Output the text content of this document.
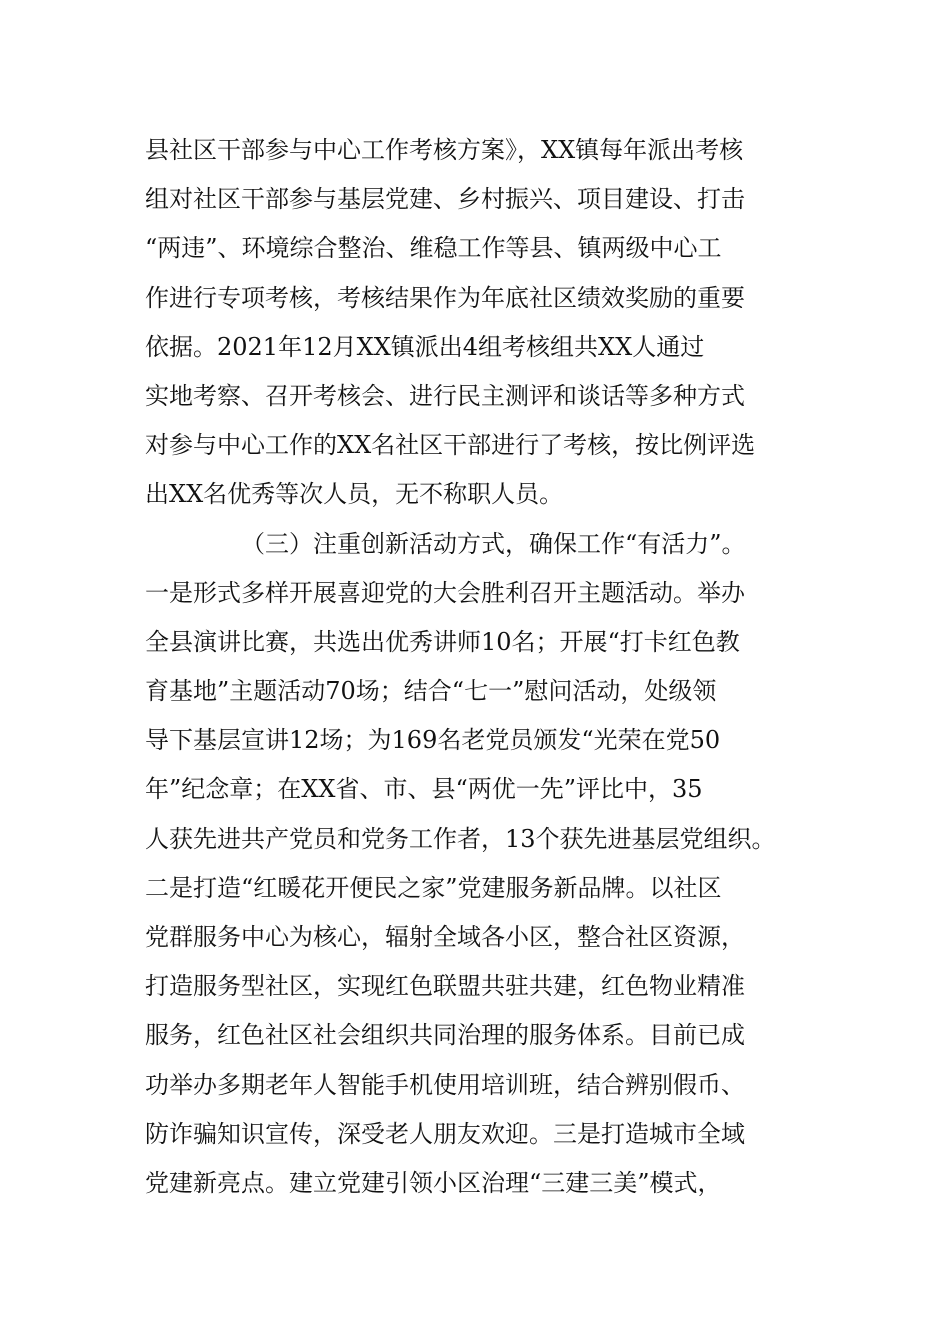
县社区干部参与中心工作考核方案》，XX镇每年派出考核
组对社区干部参与基层党建、乡村振兴、项目建设、打击
“两违”、环境综合整治、维稳工作等县、镇两级中心工
作进行专项考核，考核结果作为年底社区绩效奖励的重要
依据。2021年12月XX镇派出4组考核组共XX人通过
实地考察、召开考核会、进行民主测评和谈话等多种方式
对参与中心工作的XX名社区干部进行了考核，按比例评选
出XX名优秀等次人员，无不称职人员。
（三）注重创新活动方式，确保工作“有活力”。
一是形式多样开展喜迎党的大会胜利召开主题活动。举办
全县演讲比赛，共选出优秀讲师10名；开展“打卡红色教
育基地”主题活动70场；结合“七一”慰问活动，处级领
导下基层宣讲12场；为169名老党员颁发“光荣在党50
年”纪念章；在XX省、市、县“两优一先”评比中，35
人获先进共产党员和党务工作者，13个获先进基层党组织。
二是打造“红暖花开便民之家”党建服务新品牌。以社区
党群服务中心为核心，辐射全域各小区，整合社区资源，
打造服务型社区，实现红色联盟共驻共建，红色物业精准
服务，红色社区社会组织共同治理的服务体系。目前已成
功举办多期老年人智能手机使用培训班，结合辨别假币、
防诈骗知识宣传，深受老人朋友欢迎。三是打造城市全域
党建新亮点。建立党建引领小区治理“三建三美”模式，
